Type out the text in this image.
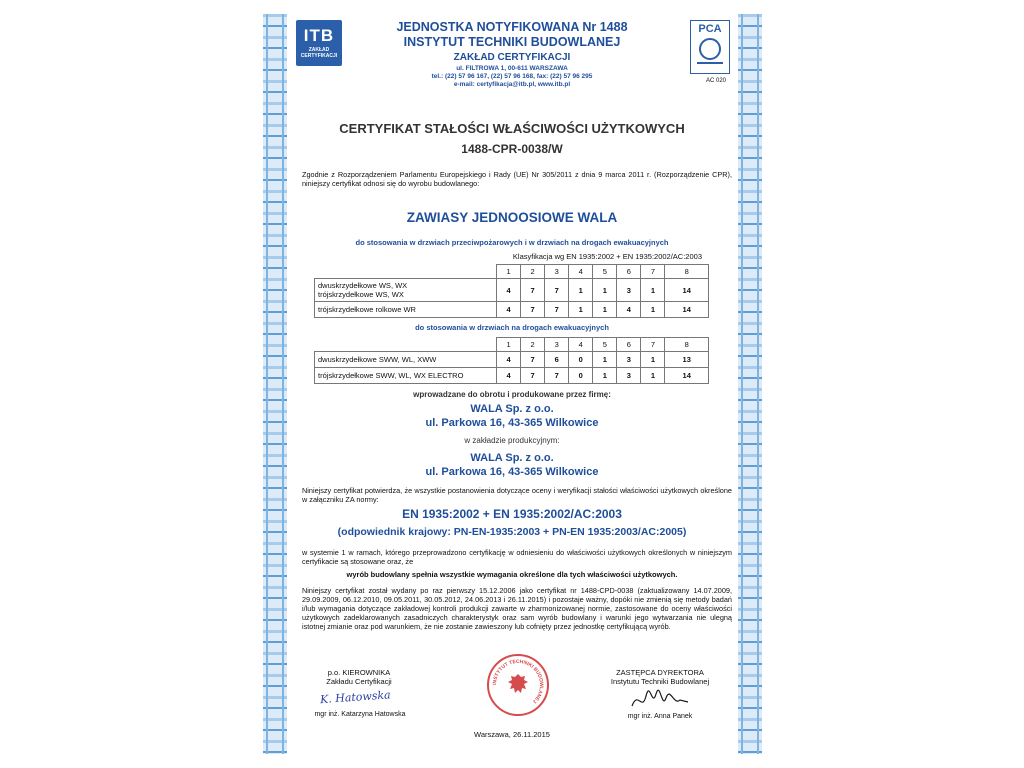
ITB
ZAKŁAD CERTYFIKACJI
PCA
AC 020
JEDNOSTKA NOTYFIKOWANA Nr 1488
INSTYTUT TECHNIKI BUDOWLANEJ
ZAKŁAD CERTYFIKACJI
ul. FILTROWA 1, 00-611 WARSZAWA
tel.: (22) 57 96 167, (22) 57 96 168, fax: (22) 57 96 295
e-mail: certyfikacja@itb.pl, www.itb.pl
CERTYFIKAT STAŁOŚCI WŁAŚCIWOŚCI UŻYTKOWYCH
1488-CPR-0038/W
Zgodnie z Rozporządzeniem Parlamentu Europejskiego i Rady (UE) Nr 305/2011 z dnia 9 marca 2011 r. (Rozporządzenie CPR), niniejszy certyfikat odnosi się do wyrobu budowlanego:
ZAWIASY JEDNOOSIOWE WALA
do stosowania w drzwiach przeciwpożarowych i w drzwiach na drogach ewakuacyjnych
Klasyfikacja wg EN 1935:2002 + EN 1935:2002/AC:2003
	1	2	3	4	5	6	7	8

dwuskrzydełkowe WS, WX
trójskrzydełkowe WS, WX	4	7	7	1	1	3	1	14
trójskrzydełkowe rolkowe WR	4	7	7	1	1	4	1	14
do stosowania w drzwiach na drogach ewakuacyjnych
	1	2	3	4	5	6	7	8
dwuskrzydełkowe SWW, WL, XWW	4	7	6	0	1	3	1	13
trójskrzydełkowe SWW, WL, WX ELECTRO	4	7	7	0	1	3	1	14
wprowadzane do obrotu i produkowane przez firmę:
WALA Sp. z o.o.
ul. Parkowa 16, 43-365 Wilkowice
w zakładzie produkcyjnym:
WALA Sp. z o.o.
ul. Parkowa 16, 43-365 Wilkowice
Niniejszy certyfikat potwierdza, że wszystkie postanowienia dotyczące oceny i weryfikacji stałości właściwości użytkowych określone w załączniku ZA normy:
EN 1935:2002 + EN 1935:2002/AC:2003
(odpowiednik krajowy: PN-EN-1935:2003 + PN-EN 1935:2003/AC:2005)
w systemie 1 w ramach, którego przeprowadzono certyfikację w odniesieniu do właściwości użytkowych określonych w niniejszym certyfikacie są stosowane oraz, że
wyrób budowlany spełnia wszystkie wymagania określone dla tych właściwości użytkowych.
Niniejszy certyfikat został wydany po raz pierwszy 15.12.2006 jako certyfikat nr 1488-CPD-0038 (zaktualizowany 14.07.2009, 29.09.2009, 06.12.2010, 09.05.2011, 30.05.2012, 24.06.2013 i 26.11.2015) i pozostaje ważny, dopóki nie zmienią się metody badań i/lub wymagania dotyczące zakładowej kontroli produkcji zawarte w zharmonizowanej normie, zastosowane do oceny właściwości użytkowych zadeklarowanych zasadniczych charakterystyk oraz sam wyrób budowlany i warunki jego wytwarzania nie ulegną istotnej zmianie oraz pod warunkiem, że nie zostanie zawieszony lub cofnięty przez jednostkę certyfikującą wyrób.
p.o. KIEROWNIKA
Zakładu Certyfikacji
K. Hatowska
mgr inż. Katarzyna Hatowska
INSTYTUT TECHNIKI BUDOWLANEJ
ZASTĘPCA DYREKTORA
Instytutu Techniki Budowlanej
mgr inż. Anna Panek
Warszawa, 26.11.2015
